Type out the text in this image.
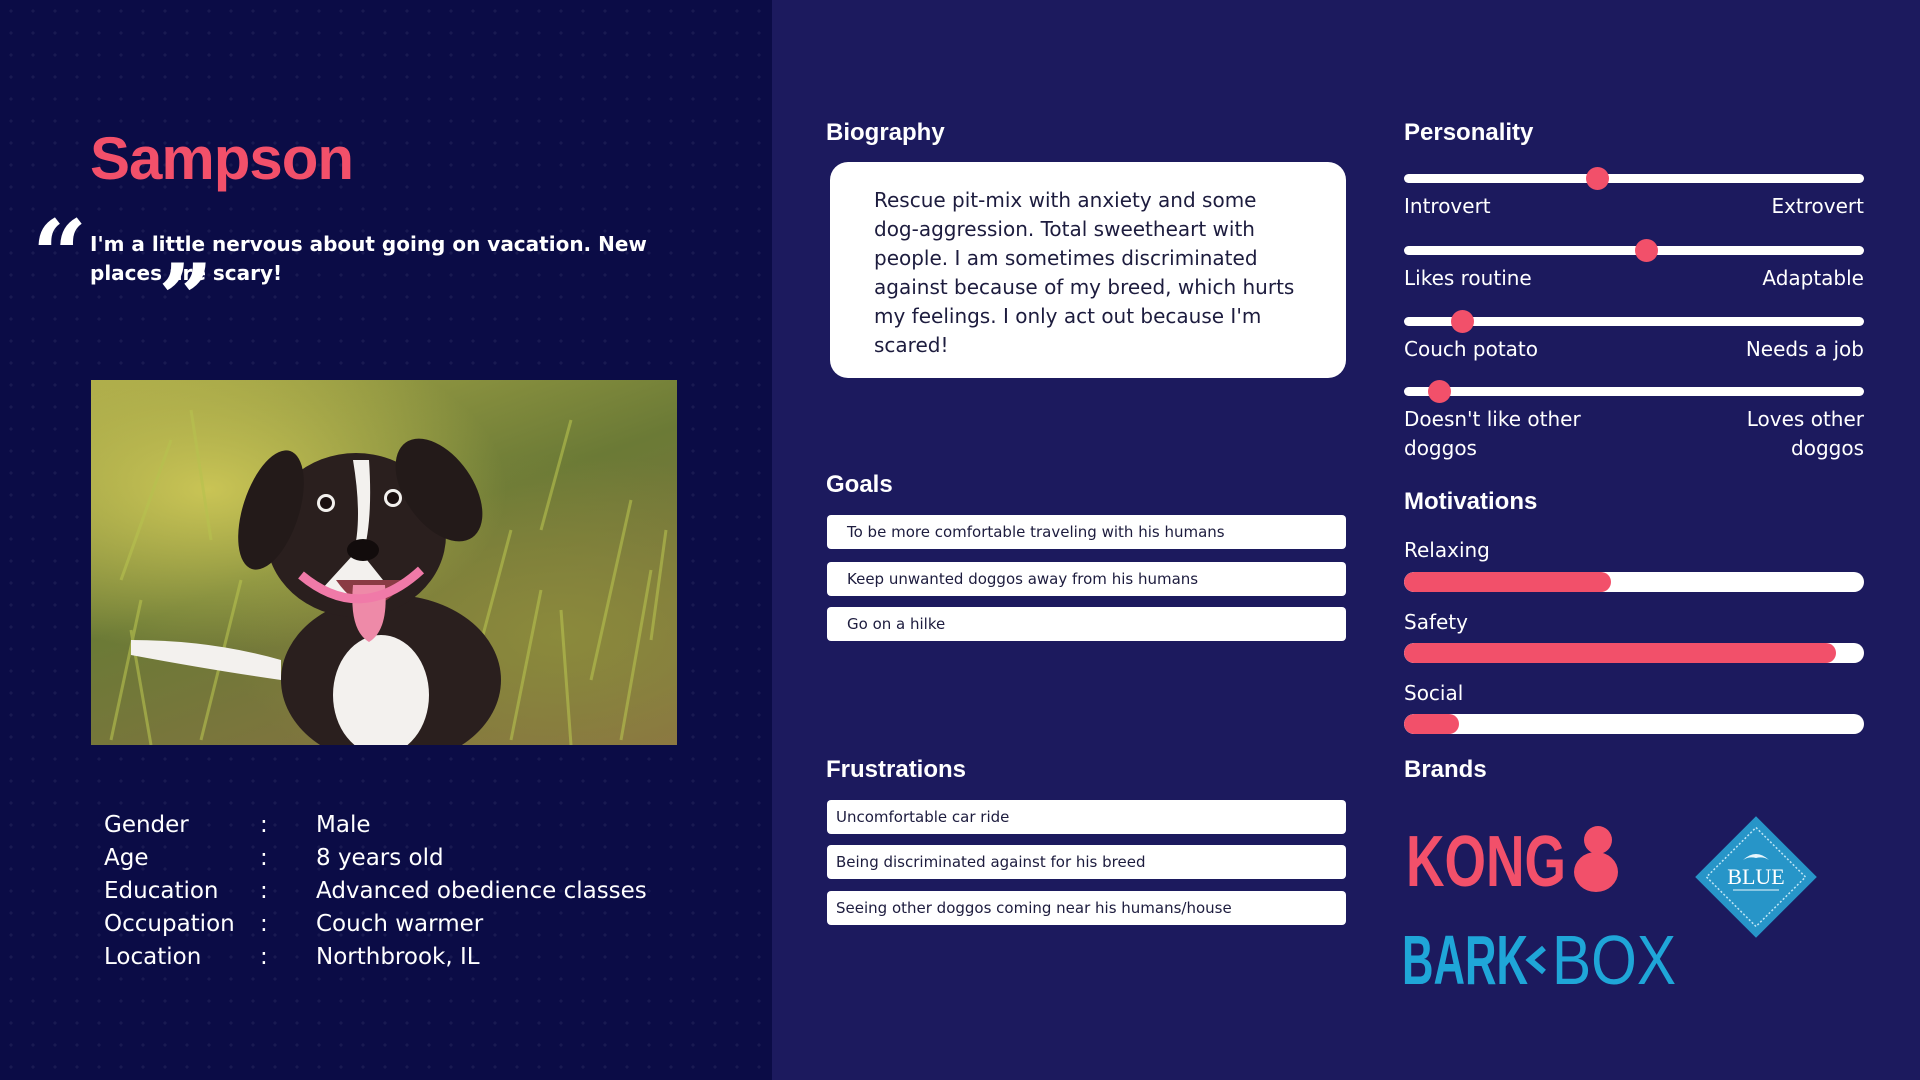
Sampson
“ I'm a little nervous about going on vacation. New places are scary!
”
Gender	:	Male
Age	:	8 years old
Education	:	Advanced obedience classes
Occupation	:	Couch warmer
Location	:	Northbrook, IL
Biography
Rescue pit-mix with anxiety and some dog-aggression. Total sweetheart with people. I am sometimes discriminated against because of my breed, which hurts my feelings. I only act out because I'm scared!
Goals
To be more comfortable traveling with his humans
Keep unwanted doggos away from his humans
Go on a hilke
Frustrations
Uncomfortable car ride
Being discriminated against for his breed
Seeing other doggos coming near his humans/house
Personality
Introvert	Extrovert
Likes routine	Adaptable
Couch potato	Needs a job
Doesn't like other doggos
Loves other doggos
Motivations
Relaxing
Safety
Social
Brands
KONG	BLUE
BARK BOX
